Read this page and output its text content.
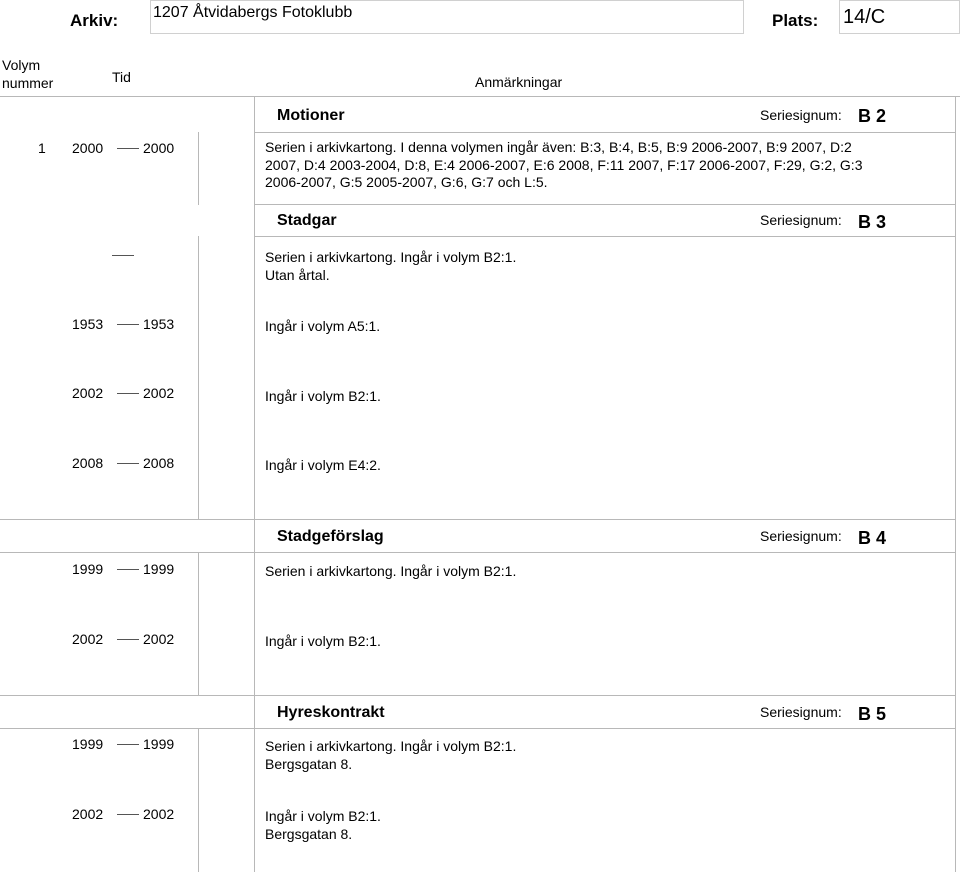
Arkiv: 1207 Åtvidabergs Fotoklubb	Plats: 14/C
Volym
nummer	Tid	Anmärkningar
Motioner	Seriesignum: B 2
1 2000	2000	Serien i arkivkartong. I denna volymen ingår även: B:3, B:4, B:5, B:9 2006-2007, B:9 2007, D:2
2007, D:4 2003-2004, D:8, E:4 2006-2007, E:6 2008, F:11 2007, F:17 2006-2007, F:29, G:2, G:3
2006-2007, G:5 2005-2007, G:6, G:7 och L:5.
Stadgar	Seriesignum: B 3
Serien i arkivkartong. Ingår i volym B2:1.
Utan årtal.
1953	1953	Ingår i volym A5:1.
2002	2002	Ingår i volym B2:1.
2008	2008	Ingår i volym E4:2.
Stadgeförslag	Seriesignum: B 4
1999	1999	Serien i arkivkartong. Ingår i volym B2:1.
2002	2002	Ingår i volym B2:1.
Hyreskontrakt	Seriesignum: B 5
1999	1999	Serien i arkivkartong. Ingår i volym B2:1.
Bergsgatan 8.
2002	2002	Ingår i volym B2:1.
Bergsgatan 8.
